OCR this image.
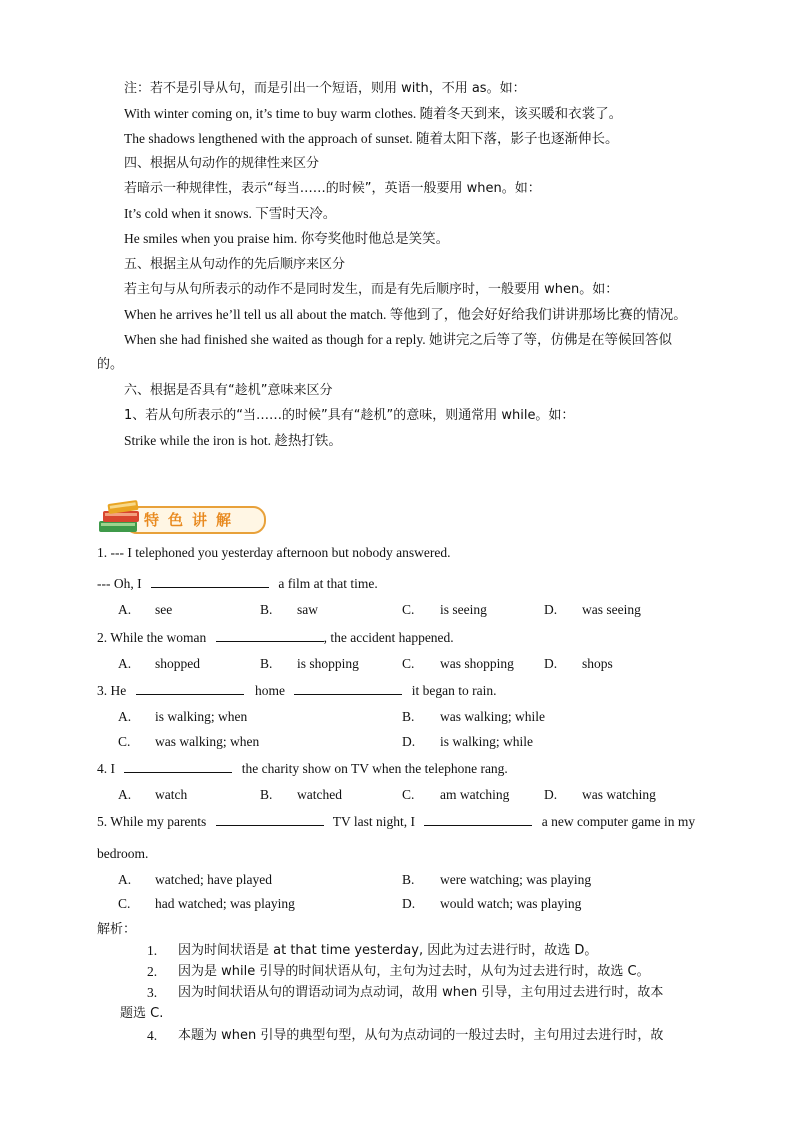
注：若不是引导从句，而是引出一个短语，则用 with，不用 as。如：
With winter coming on, it’s time to buy warm clothes. 随着冬天到来，该买暖和衣裳了。
The shadows lengthened with the approach of sunset. 随着太阳下落，影子也逐渐伸长。
四、根据从句动作的规律性来区分
若暗示一种规律性，表示“每当……的时候”，英语一般要用 when。如：
It’s cold when it snows. 下雪时天冷。
He smiles when you praise him. 你夸奖他时他总是笑笑。
五、根据主从句动作的先后顺序来区分
若主句与从句所表示的动作不是同时发生，而是有先后顺序时，一般要用 when。如：
When he arrives he’ll tell us all about the match. 等他到了，他会好好给我们讲讲那场比赛的情况。
When she had finished she waited as though for a reply. 她讲完之后等了等，仿佛是在等候回答似
的。
六、根据是否具有“趁机”意味来区分
1、若从句所表示的“当……的时候”具有“趁机”的意味，则通常用 while。如：
Strike while the iron is hot. 趁热打铁。
特色讲解
1. --- I telephoned you yesterday afternoon but nobody answered.
--- Oh, I	a film at that time.
A. see	B. saw	C. is seeing	D. was seeing
2. While the woman	, the accident happened.
A. shopped	B. is shopping	C. was shopping D. shops
3. He	home	it began to rain.
A. is walking; when	B. was walking; while
C. was walking; when	D. is walking; while
4. I	the charity show on TV when the telephone rang.
A. watch	B. watched	C. am watching	D. was watching
5. While my parents	TV last night, I	a new computer game in my
bedroom.
A. watched; have played	B. were watching; was playing
C. had watched; was playing	D. would watch; was playing
解析：
1. 因为时间状语是 at that time yesterday, 因此为过去进行时，故选 D。
2. 因为是 while 引导的时间状语从句，主句为过去时，从句为过去进行时，故选 C。
3. 因为时间状语从句的谓语动词为点动词，故用 when 引导，主句用过去进行时，故本
题选 C.
4. 本题为 when 引导的典型句型，从句为点动词的一般过去时，主句用过去进行时，故
